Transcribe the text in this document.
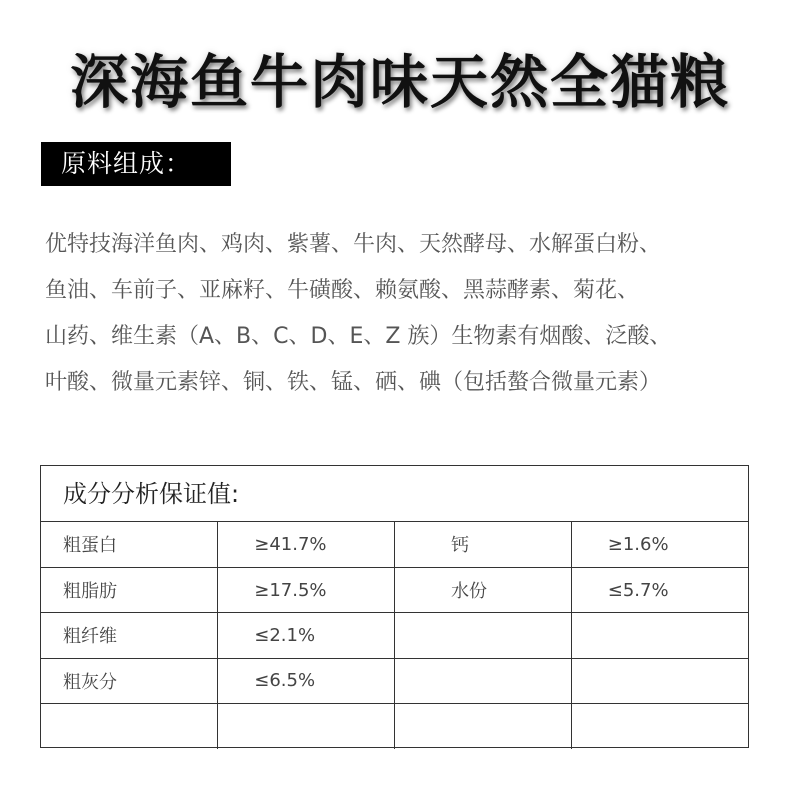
深海鱼牛肉味天然全猫粮
原料组成：
优特技海洋鱼肉、鸡肉、紫薯、牛肉、天然酵母、水解蛋白粉、
鱼油、车前子、亚麻籽、牛磺酸、赖氨酸、黑蒜酵素、菊花、
山药、维生素（A、B、C、D、E、Z 族）生物素有烟酸、泛酸、
叶酸、微量元素锌、铜、铁、锰、硒、碘（包括螯合微量元素）
成分分析保证值:
粗蛋白	≥41.7%	钙	≥1.6%
粗脂肪	≥17.5%	水份	≤5.7%
粗纤维	≤2.1%		
粗灰分	≤6.5%		
